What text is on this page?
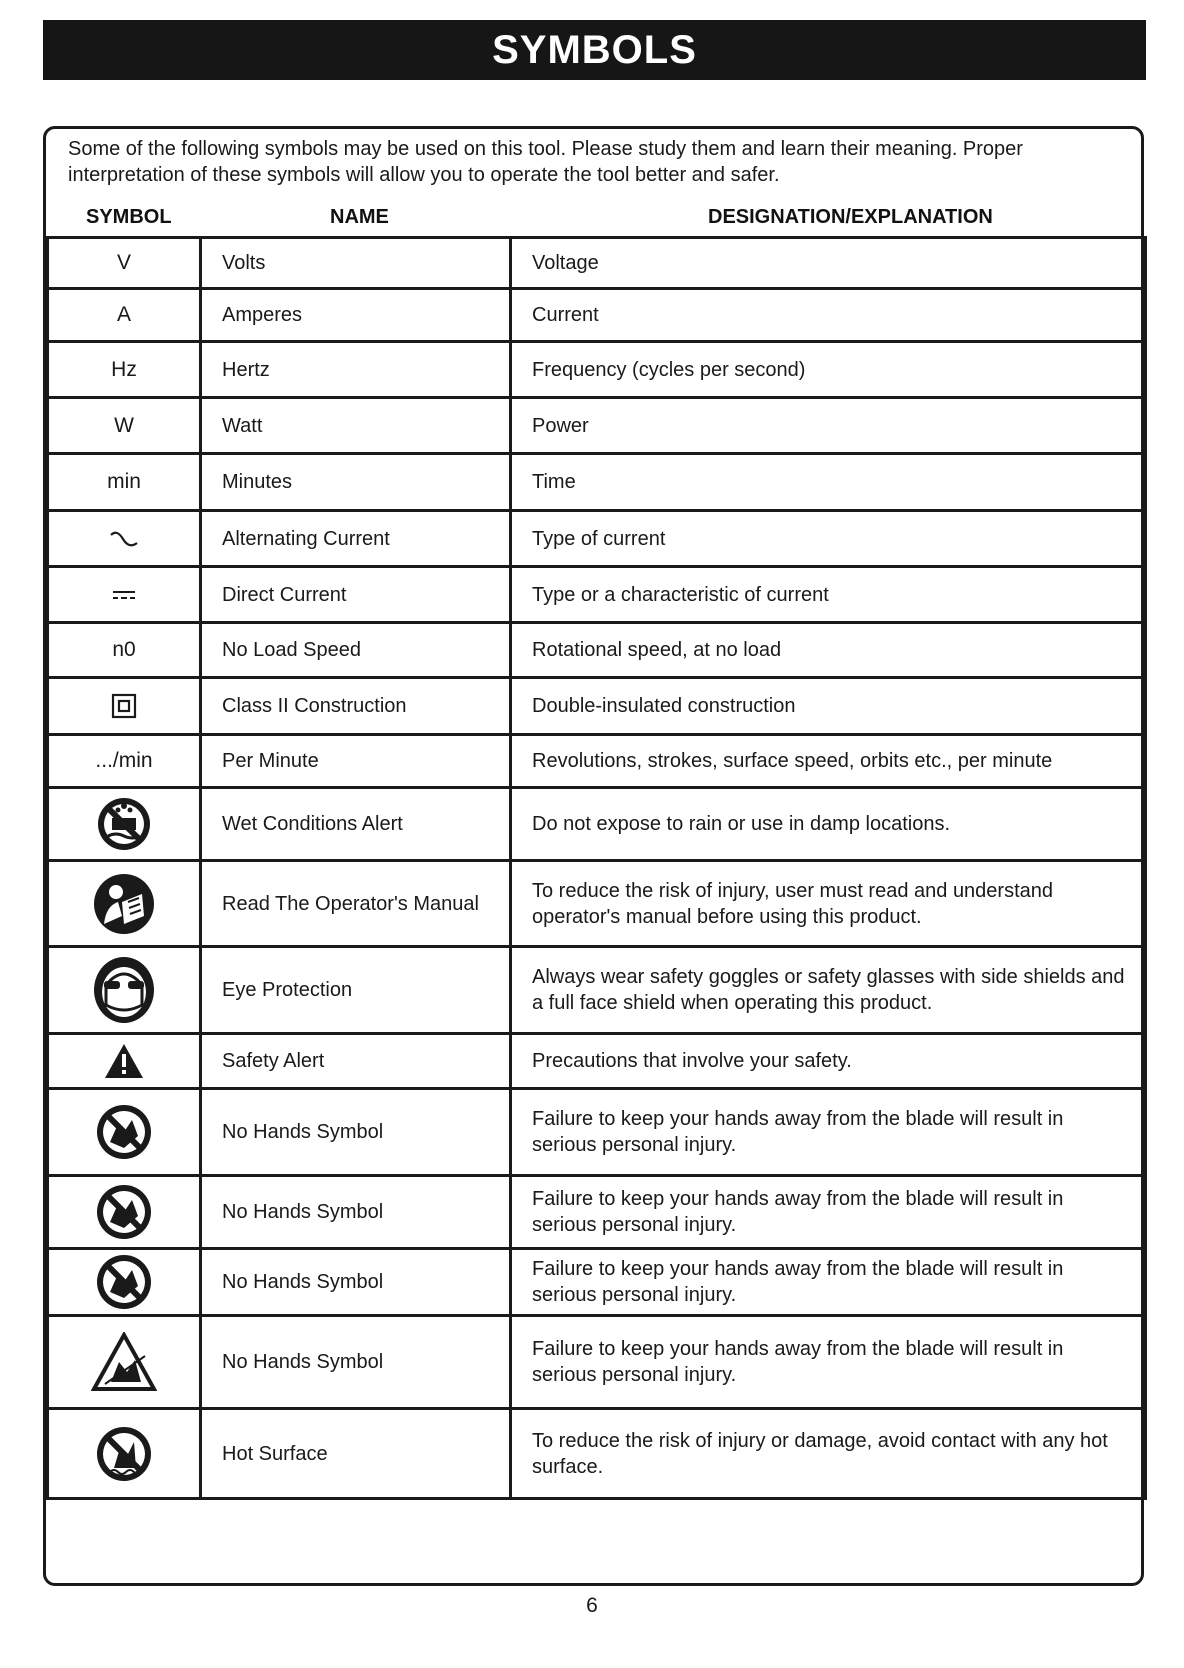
SYMBOLS
Some of the following symbols may be used on this tool. Please study them and learn their meaning. Proper interpretation of these symbols will allow you to operate the tool better and safer.
SYMBOL	NAME	DESIGNATION/EXPLANATION
V	Volts	Voltage
A	Amperes	Current
Hz	Hertz	Frequency (cycles per second)
W	Watt	Power
min	Minutes	Time

	Alternating Current	Type of current

	Direct Current	Type or a characteristic of current
n0	No Load Speed	Rotational speed, at no load

	Class II Construction	Double-insulated construction
.../min	Per Minute	Revolutions, strokes, surface speed, orbits etc., per minute

	Wet Conditions Alert	Do not expose to rain or use in damp locations.

	Read The Operator's Manual	To reduce the risk of injury, user must read and understand operator's manual before using this product.

	Eye Protection	Always wear safety goggles or safety glasses with side shields and a full face shield when operating this product.

	Safety Alert	Precautions that involve your safety.

	No Hands Symbol	Failure to keep your hands away from the blade will result in serious personal injury.

	No Hands Symbol	Failure to keep your hands away from the blade will result in serious personal injury.

	No Hands Symbol	Failure to keep your hands away from the blade will result in serious personal injury.

	No Hands Symbol	Failure to keep your hands away from the blade will result in serious personal injury.

	Hot Surface	To reduce the risk of injury or damage, avoid contact with any hot surface.
6
